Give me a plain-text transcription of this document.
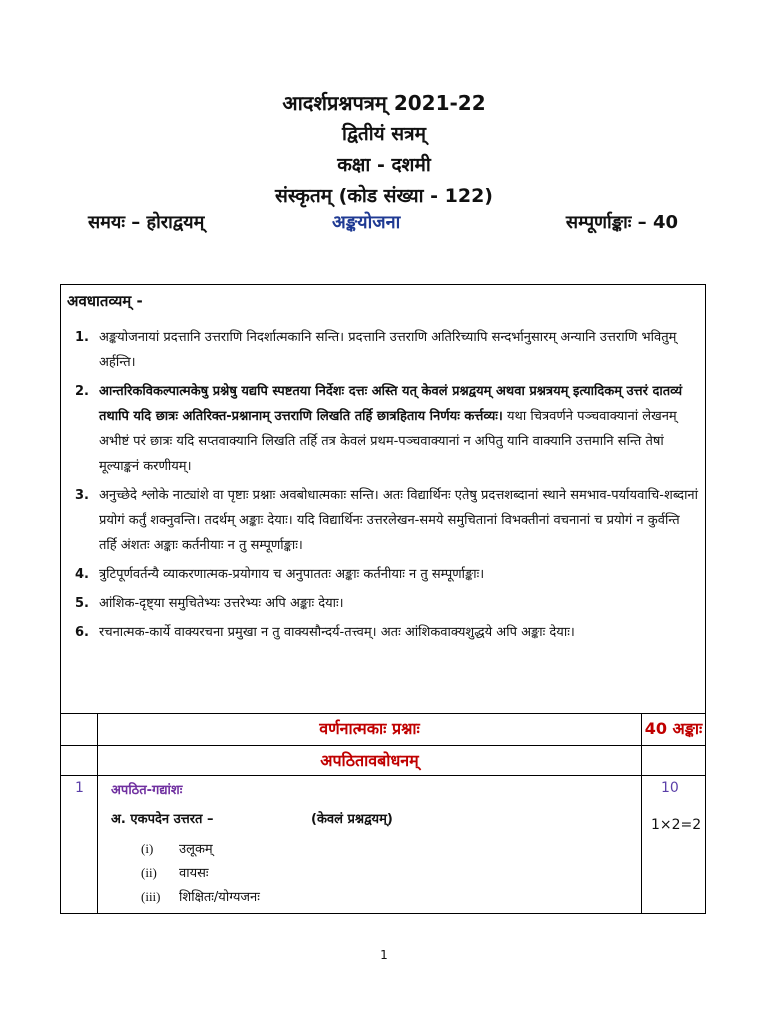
आदर्शप्रश्नपत्रम् 2021-22
द्वितीयं सत्रम्
कक्षा - दशमी
संस्कृतम् (कोड संख्या - 122)
समयः – होराद्वयम्	अङ्कयोजना	सम्पूर्णाङ्काः – 40
अवधातव्यम् -
1. अङ्कयोजनायां प्रदत्तानि उत्तराणि निदर्शात्मकानि सन्ति। प्रदत्तानि उत्तराणि अतिरिच्यापि सन्दर्भानुसारम् अन्यानि उत्तराणि भवितुम् अर्हन्ति।
2. आन्तरिकविकल्पात्मकेषु प्रश्नेषु यद्यपि स्पष्टतया निर्देशः दत्तः अस्ति यत् केवलं प्रश्नद्वयम् अथवा प्रश्नत्रयम् इत्यादिकम् उत्तरं दातव्यं तथापि यदि छात्रः अतिरिक्त-प्रश्नानाम् उत्तराणि लिखति तर्हि छात्रहिताय निर्णयः कर्त्तव्यः। यथा चित्रवर्णने पञ्चवाक्यानां लेखनम् अभीष्टं परं छात्रः यदि सप्तवाक्यानि लिखति तर्हि तत्र केवलं प्रथम-पञ्चवाक्यानां न अपितु यानि वाक्यानि उत्तमानि सन्ति तेषां मूल्याङ्कनं करणीयम्।
3. अनुच्छेदे श्लोके नाट्यांशे वा पृष्टाः प्रश्नाः अवबोधात्मकाः सन्ति। अतः विद्यार्थिनः एतेषु प्रदत्तशब्दानां स्थाने समभाव-पर्यायवाचि-शब्दानां प्रयोगं कर्तुं शक्नुवन्ति। तदर्थम् अङ्काः देयाः। यदि विद्यार्थिनः उत्तरलेखन-समये समुचितानां विभक्तीनां वचनानां च प्रयोगं न कुर्वन्ति तर्हि अंशतः अङ्काः कर्तनीयाः न तु सम्पूर्णाङ्काः।
4. त्रुटिपूर्णवर्तन्यै व्याकरणात्मक-प्रयोगाय च अनुपाततः अङ्काः कर्तनीयाः न तु सम्पूर्णाङ्काः।
5. आंशिक-दृष्ट्या समुचितेभ्यः उत्तरेभ्यः अपि अङ्काः देयाः।
6. रचनात्मक-कार्ये वाक्यरचना प्रमुखा न तु वाक्यसौन्दर्य-तत्त्वम्। अतः आंशिकवाक्यशुद्धये अपि अङ्काः देयाः।
वर्णनात्मकाः प्रश्नाः	40 अङ्काः
अपठितावबोधनम्
1 अपठित-गद्यांशः	10
अ. एकपदेन उत्तरत –	(केवलं प्रश्नद्वयम्)	1×2=2
(i) उलूकम्
(ii) वायसः
(iii) शिक्षितः/योग्यजनः
1
